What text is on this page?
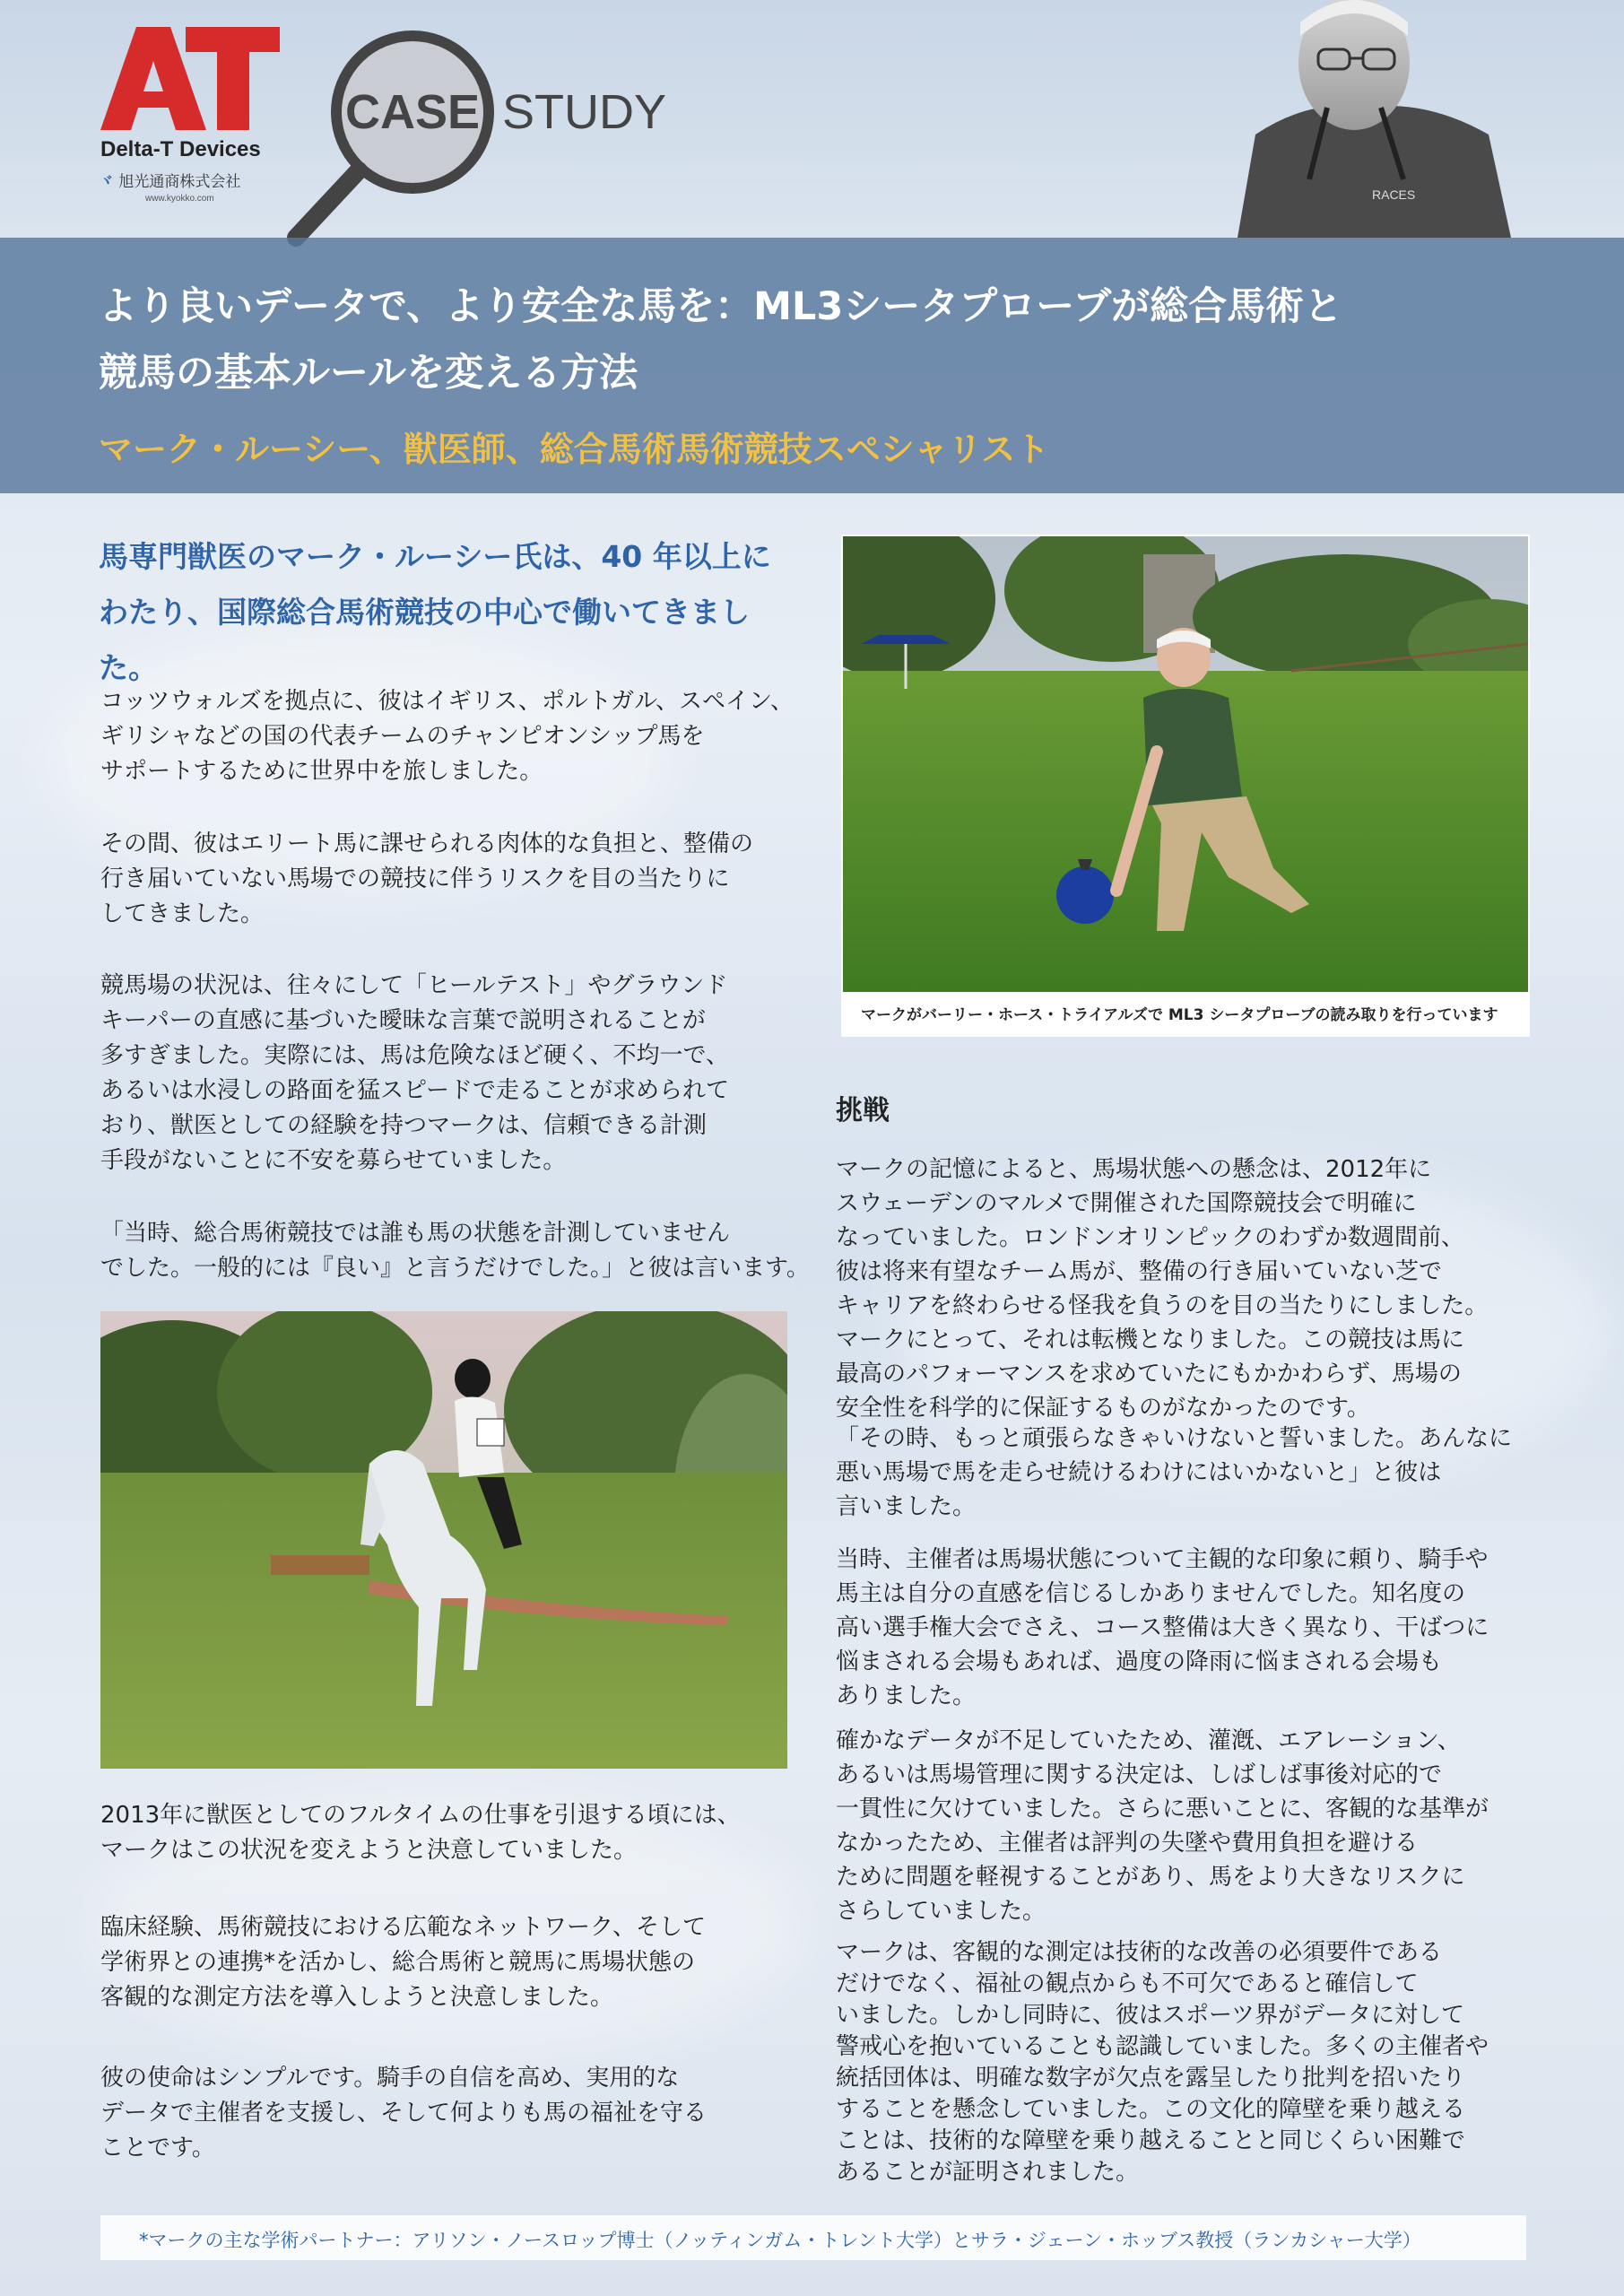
Delta-T Devices
ヾ 旭光通商株式会社
www.kyokko.com
CASE STUDY
RACES
より良いデータで、より安全な馬を：ML3シータプローブが総合馬術と
競馬の基本ルールを変える方法
マーク・ルーシー、獣医師、総合馬術馬術競技スペシャリスト
馬専門獣医のマーク・ルーシー氏は、40 年以上に
わたり、国際総合馬術競技の中心で働いてきました。
コッツウォルズを拠点に、彼はイギリス、ポルトガル、スペイン、
ギリシャなどの国の代表チームのチャンピオンシップ馬を
サポートするために世界中を旅しました。
その間、彼はエリート馬に課せられる肉体的な負担と、整備の
行き届いていない馬場での競技に伴うリスクを目の当たりに
してきました。
競馬場の状況は、往々にして「ヒールテスト」やグラウンド
キーパーの直感に基づいた曖昧な言葉で説明されることが
多すぎました。実際には、馬は危険なほど硬く、不均一で、
あるいは水浸しの路面を猛スピードで走ることが求められて
おり、獣医としての経験を持つマークは、信頼できる計測
手段がないことに不安を募らせていました。
「当時、総合馬術競技では誰も馬の状態を計測していません
でした。一般的には『良い』と言うだけでした。」と彼は言います。
2013年に獣医としてのフルタイムの仕事を引退する頃には、
マークはこの状況を変えようと決意していました。
臨床経験、馬術競技における広範なネットワーク、そして
学術界との連携*を活かし、総合馬術と競馬に馬場状態の
客観的な測定方法を導入しようと決意しました。
彼の使命はシンプルです。騎手の自信を高め、実用的な
データで主催者を支援し、そして何よりも馬の福祉を守る
ことです。
マークがバーリー・ホース・トライアルズで ML3 シータプローブの読み取りを行っています
挑戦
マークの記憶によると、馬場状態への懸念は、2012年に
スウェーデンのマルメで開催された国際競技会で明確に
なっていました。ロンドンオリンピックのわずか数週間前、
彼は将来有望なチーム馬が、整備の行き届いていない芝で
キャリアを終わらせる怪我を負うのを目の当たりにしました。
マークにとって、それは転機となりました。この競技は馬に
最高のパフォーマンスを求めていたにもかかわらず、馬場の
安全性を科学的に保証するものがなかったのです。
「その時、もっと頑張らなきゃいけないと誓いました。あんなに
悪い馬場で馬を走らせ続けるわけにはいかないと」と彼は
言いました。
当時、主催者は馬場状態について主観的な印象に頼り、騎手や
馬主は自分の直感を信じるしかありませんでした。知名度の
高い選手権大会でさえ、コース整備は大きく異なり、干ばつに
悩まされる会場もあれば、過度の降雨に悩まされる会場も
ありました。
確かなデータが不足していたため、灌漑、エアレーション、
あるいは馬場管理に関する決定は、しばしば事後対応的で
一貫性に欠けていました。さらに悪いことに、客観的な基準が
なかったため、主催者は評判の失墜や費用負担を避ける
ために問題を軽視することがあり、馬をより大きなリスクに
さらしていました。
マークは、客観的な測定は技術的な改善の必須要件である
だけでなく、福祉の観点からも不可欠であると確信して
いました。しかし同時に、彼はスポーツ界がデータに対して
警戒心を抱いていることも認識していました。多くの主催者や
統括団体は、明確な数字が欠点を露呈したり批判を招いたり
することを懸念していました。この文化的障壁を乗り越える
ことは、技術的な障壁を乗り越えることと同じくらい困難で
あることが証明されました。
*マークの主な学術パートナー：アリソン・ノースロップ博士（ノッティンガム・トレント大学）とサラ・ジェーン・ホッブス教授（ランカシャー大学）
